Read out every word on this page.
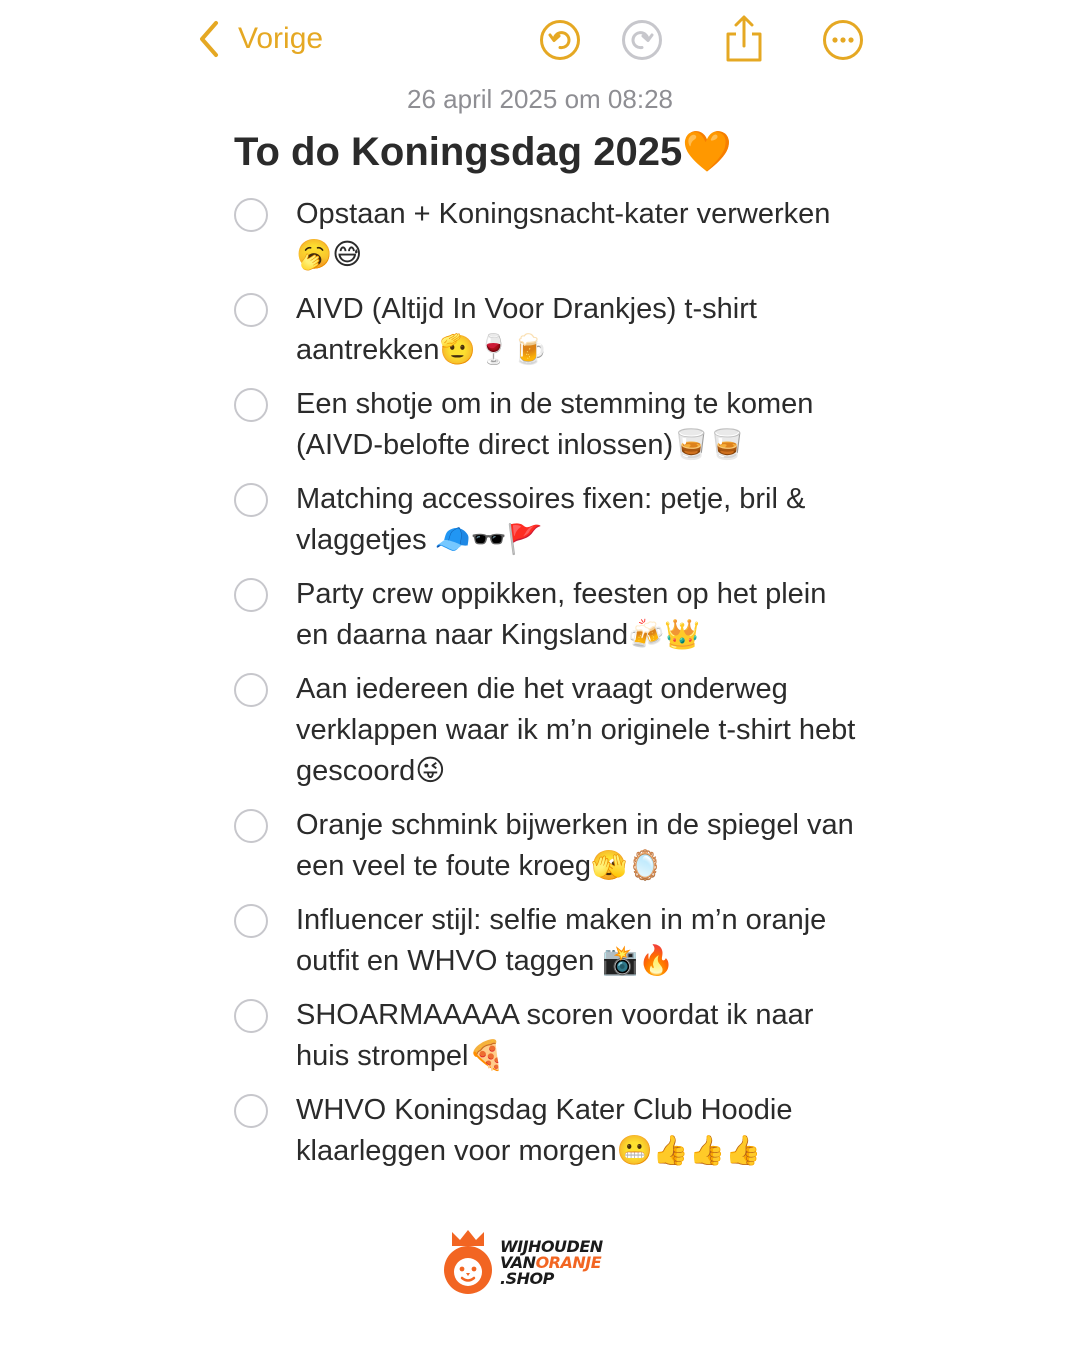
Vorige
26 april 2025 om 08:28
To do Koningsdag 2025🧡
Opstaan + Koningsnacht-kater verwerken🥱😅
AIVD (Altijd In Voor Drankjes) t-shirt aantrekken🫡🍷🍺
Een shotje om in de stemming te komen (AIVD-belofte direct inlossen)🥃🥃
Matching accessoires fixen: petje, bril & vlaggetjes 🧢🕶️🚩
Party crew oppikken, feesten op het plein en daarna naar Kingsland🍻👑
Aan iedereen die het vraagt onderweg verklappen waar ik m’n originele t-shirt hebt gescoord😜
Oranje schmink bijwerken in de spiegel van een veel te foute kroeg🫣🪞
Influencer stijl: selfie maken in m’n oranje outfit en WHVO taggen 📸🔥
SHOARMAAAAA scoren voordat ik naar huis strompel🍕
WHVO Koningsdag Kater Club Hoodie klaarleggen voor morgen😬👍👍👍
WIJHOUDEN
VANORANJE
.SHOP
